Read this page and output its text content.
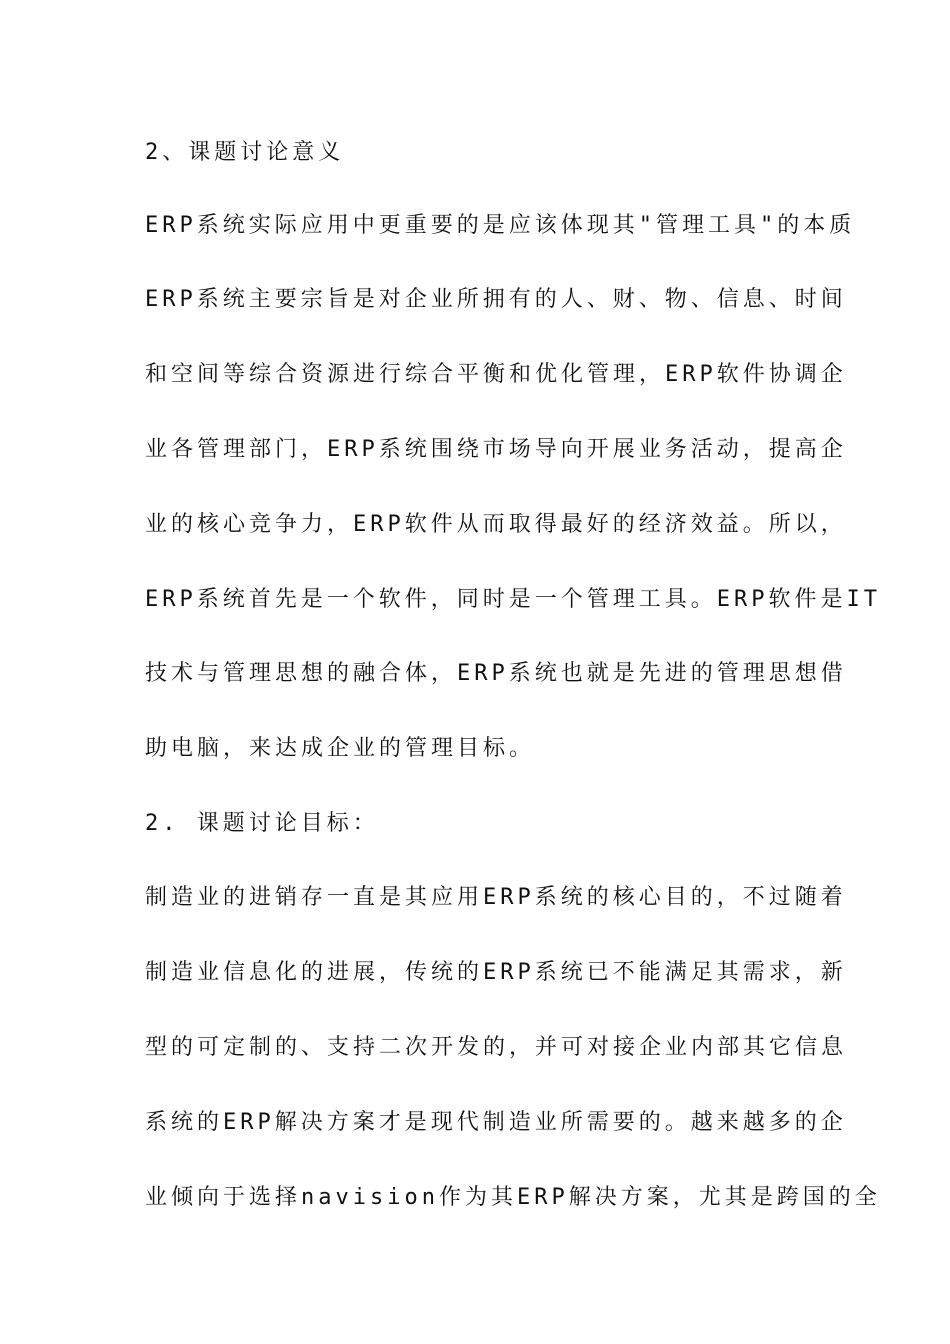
2、课题讨论意义
ERP系统实际应用中更重要的是应该体现其"管理工具"的本质
ERP系统主要宗旨是对企业所拥有的人、财、物、信息、时间
和空间等综合资源进行综合平衡和优化管理，ERP软件协调企
业各管理部门，ERP系统围绕市场导向开展业务活动，提高企
业的核心竞争力，ERP软件从而取得最好的经济效益。所以，
ERP系统首先是一个软件，同时是一个管理工具。ERP软件是IT
技术与管理思想的融合体，ERP系统也就是先进的管理思想借
助电脑，来达成企业的管理目标。
2. 课题讨论目标：
制造业的进销存一直是其应用ERP系统的核心目的，不过随着
制造业信息化的进展，传统的ERP系统已不能满足其需求，新
型的可定制的、支持二次开发的，并可对接企业内部其它信息
系统的ERP解决方案才是现代制造业所需要的。越来越多的企
业倾向于选择navision作为其ERP解决方案，尤其是跨国的全
